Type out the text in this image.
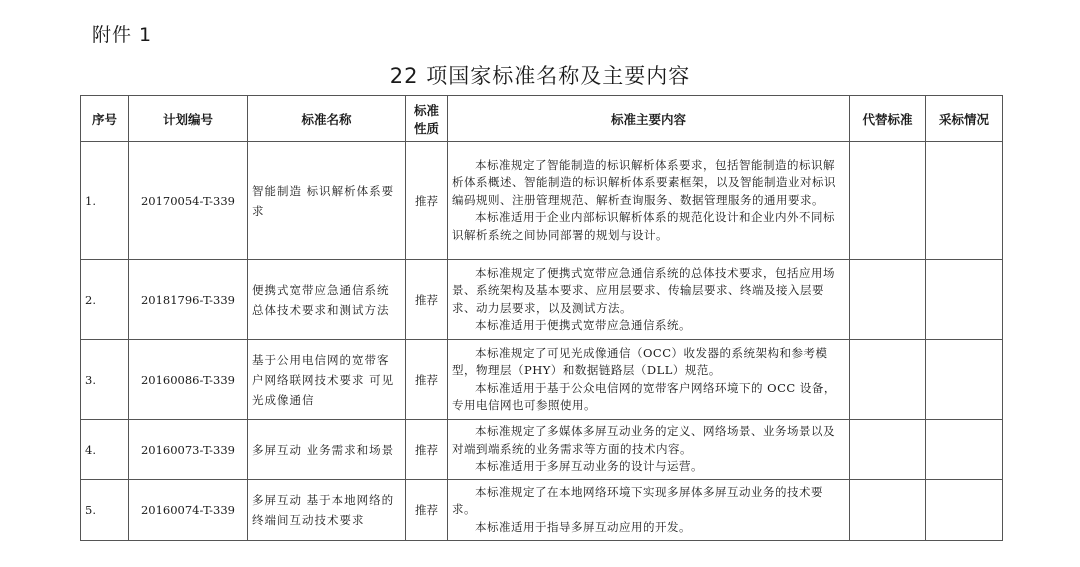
附件 1
22 项国家标准名称及主要内容
序号	计划编号	标准名称	标准性质	标准主要内容	代替标准	采标情况
1.	20170054-T-339	智能制造 标识解析体系要求	推荐	本标准规定了智能制造的标识解析体系要求，包括智能制造的标识解析体系概述、智能制造的标识解析体系要素框架，以及智能制造业对标识编码规则、注册管理规范、解析查询服务、数据管理服务的通用要求。

本标准适用于企业内部标识解析体系的规范化设计和企业内外不同标识解析系统之间协同部署的规划与设计。		

2.	20181796-T-339	便携式宽带应急通信系统总体技术要求和测试方法	推荐	本标准规定了便携式宽带应急通信系统的总体技术要求，包括应用场景、系统架构及基本要求、应用层要求、传输层要求、终端及接入层要求、动力层要求，以及测试方法。

本标准适用于便携式宽带应急通信系统。		

3.	20160086-T-339	基于公用电信网的宽带客户网络联网技术要求 可见光成像通信	推荐	本标准规定了可见光成像通信（OCC）收发器的系统架构和参考模型，物理层（PHY）和数据链路层（DLL）规范。

本标准适用于基于公众电信网的宽带客户网络环境下的 OCC 设备，专用电信网也可参照使用。		

4.	20160073-T-339	多屏互动 业务需求和场景	推荐	本标准规定了多媒体多屏互动业务的定义、网络场景、业务场景以及对端到端系统的业务需求等方面的技术内容。

本标准适用于多屏互动业务的设计与运营。		

5.	20160074-T-339	多屏互动 基于本地网络的终端间互动技术要求	推荐	本标准规定了在本地网络环境下实现多屏体多屏互动业务的技术要求。

本标准适用于指导多屏互动应用的开发。		
